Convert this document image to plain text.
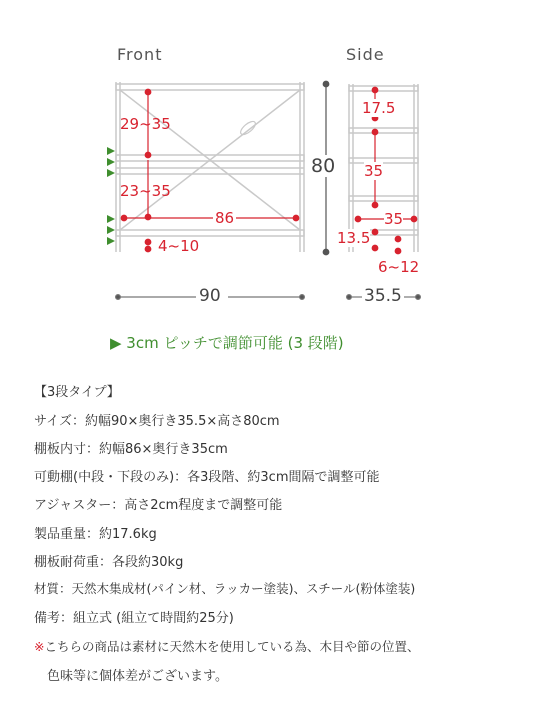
Front	Side
29~35
23~35
86
4~10
90
80
17.5
35
35
13.5
6~12
35.5
▶ 3cm ピッチで調節可能 (3 段階)
【3段タイプ】
サイズ：約幅90×奥行き35.5×高さ80cm
棚板内寸：約幅86×奥行き35cm
可動棚(中段・下段のみ)：各3段階、約3cm間隔で調整可能
アジャスター：高さ2cm程度まで調整可能
製品重量：約17.6kg
棚板耐荷重：各段約30kg
材質：天然木集成材(パイン材、ラッカー塗装)、スチール(粉体塗装)
備考：組立式 (組立て時間約25分)
※こちらの商品は素材に天然木を使用している為、木目や節の位置、
色味等に個体差がございます。
